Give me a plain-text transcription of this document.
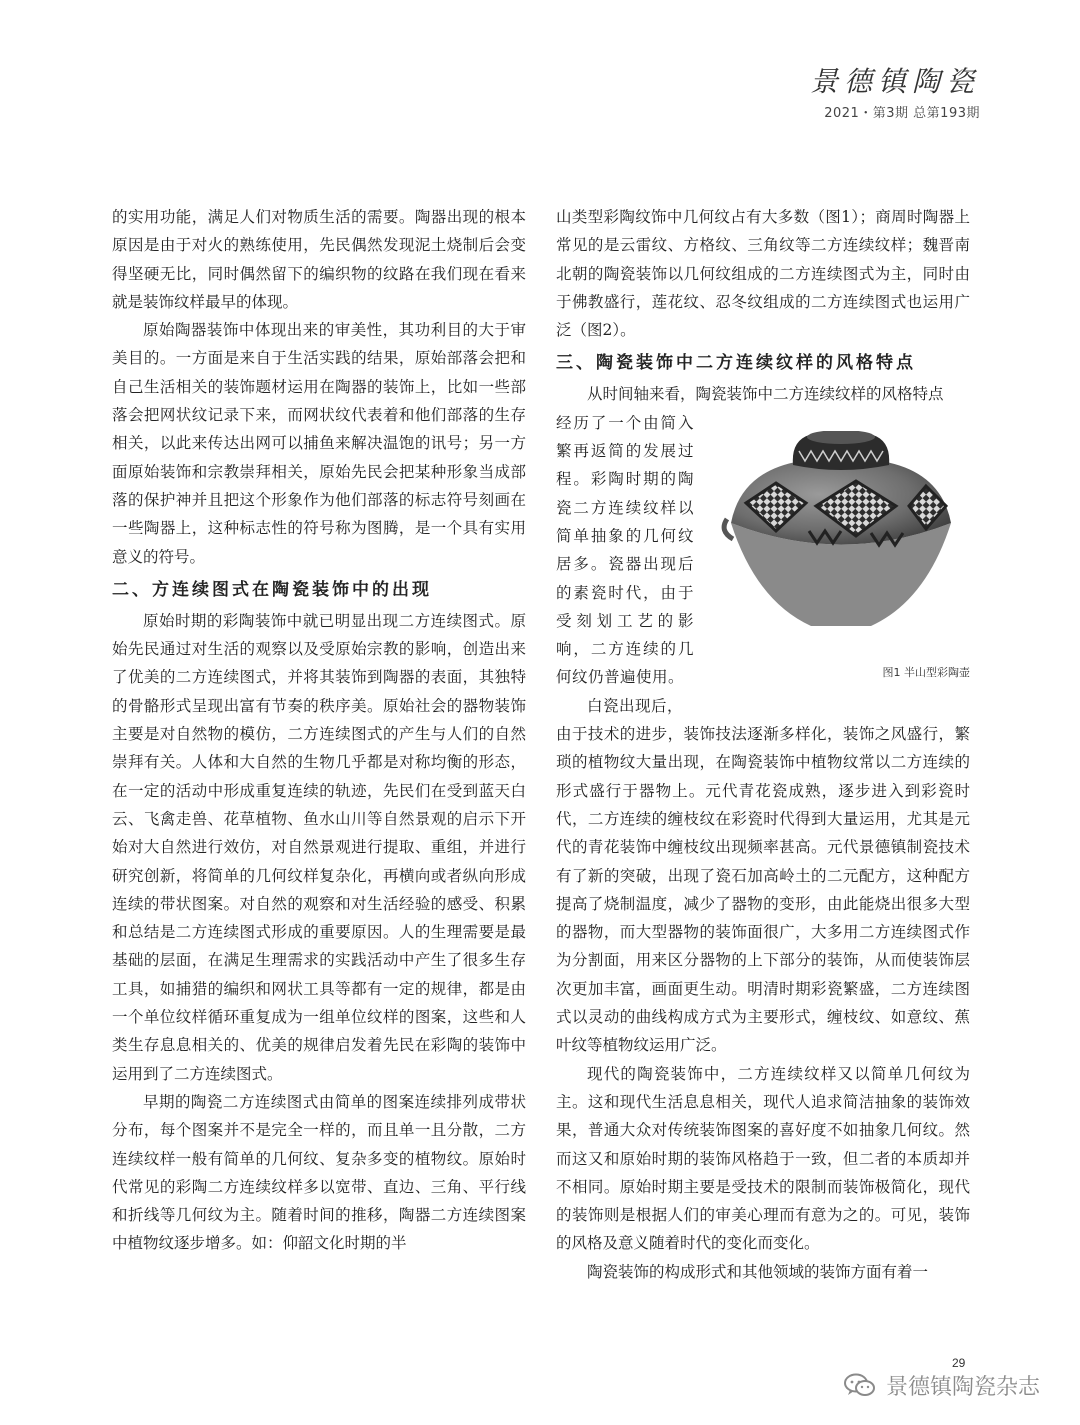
景德镇陶瓷
2021・第3期 总第193期

的实用功能，满足人们对物质生活的需要。陶器出现的根本原因是由于对火的熟练使用，先民偶然发现泥土烧制后会变得坚硬无比，同时偶然留下的编织物的纹路在我们现在看来就是装饰纹样最早的体现。

原始陶器装饰中体现出来的审美性，其功利目的大于审美目的。一方面是来自于生活实践的结果，原始部落会把和自己生活相关的装饰题材运用在陶器的装饰上，比如一些部落会把网状纹记录下来，而网状纹代表着和他们部落的生存相关，以此来传达出网可以捕鱼来解决温饱的讯号；另一方面原始装饰和宗教崇拜相关，原始先民会把某种形象当成部落的保护神并且把这个形象作为他们部落的标志符号刻画在一些陶器上，这种标志性的符号称为图腾，是一个具有实用意义的符号。

二、方连续图式在陶瓷装饰中的出现

原始时期的彩陶装饰中就已明显出现二方连续图式。原始先民通过对生活的观察以及受原始宗教的影响，创造出来了优美的二方连续图式，并将其装饰到陶器的表面，其独特的骨骼形式呈现出富有节奏的秩序美。原始社会的器物装饰主要是对自然物的模仿，二方连续图式的产生与人们的自然崇拜有关。人体和大自然的生物几乎都是对称均衡的形态，在一定的活动中形成重复连续的轨迹，先民们在受到蓝天白云、飞禽走兽、花草植物、鱼水山川等自然景观的启示下开始对大自然进行效仿，对自然景观进行提取、重组，并进行研究创新，将简单的几何纹样复杂化，再横向或者纵向形成连续的带状图案。对自然的观察和对生活经验的感受、积累和总结是二方连续图式形成的重要原因。人的生理需要是最基础的层面，在满足生理需求的实践活动中产生了很多生存工具，如捕猎的编织和网状工具等都有一定的规律，都是由一个单位纹样循环重复成为一组单位纹样的图案，这些和人类生存息息相关的、优美的规律启发着先民在彩陶的装饰中运用到了二方连续图式。

早期的陶瓷二方连续图式由简单的图案连续排列成带状分布，每个图案并不是完全一样的，而且单一且分散，二方连续纹样一般有简单的几何纹、复杂多变的植物纹。原始时代常见的彩陶二方连续纹样多以宽带、直边、三角、平行线和折线等几何纹为主。随着时间的推移，陶器二方连续图案中植物纹逐步增多。如：仰韶文化时期的半

山类型彩陶纹饰中几何纹占有大多数（图1）；商周时陶器上常见的是云雷纹、方格纹、三角纹等二方连续纹样；魏晋南北朝的陶瓷装饰以几何纹组成的二方连续图式为主，同时由于佛教盛行，莲花纹、忍冬纹组成的二方连续图式也运用广泛（图2）。

三、陶瓷装饰中二方连续纹样的风格特点

从时间轴来看，陶瓷装饰中二方连续纹样的风格特点

图1 半山型彩陶壶
经历了一个由简入繁再返简的发展过程。彩陶时期的陶瓷二方连续纹样以简单抽象的几何纹居多。瓷器出现后的素瓷时代，由于受刻划工艺的影响，二方连续的几何纹仍普遍使用。

白瓷出现后，

由于技术的进步，装饰技法逐渐多样化，装饰之风盛行，繁琐的植物纹大量出现，在陶瓷装饰中植物纹常以二方连续的形式盛行于器物上。元代青花瓷成熟，逐步进入到彩瓷时代，二方连续的缠枝纹在彩瓷时代得到大量运用，尤其是元代的青花装饰中缠枝纹出现频率甚高。元代景德镇制瓷技术有了新的突破，出现了瓷石加高岭土的二元配方，这种配方提高了烧制温度，减少了器物的变形，由此能烧出很多大型的器物，而大型器物的装饰面很广，大多用二方连续图式作为分割面，用来区分器物的上下部分的装饰，从而使装饰层次更加丰富，画面更生动。明清时期彩瓷繁盛，二方连续图式以灵动的曲线构成方式为主要形式，缠枝纹、如意纹、蕉叶纹等植物纹运用广泛。

现代的陶瓷装饰中，二方连续纹样又以简单几何纹为主。这和现代生活息息相关，现代人追求简洁抽象的装饰效果，普通大众对传统装饰图案的喜好度不如抽象几何纹。然而这又和原始时期的装饰风格趋于一致，但二者的本质却并不相同。原始时期主要是受技术的限制而装饰极简化，现代的装饰则是根据人们的审美心理而有意为之的。可见，装饰的风格及意义随着时代的变化而变化。

陶瓷装饰的构成形式和其他领域的装饰方面有着一

29
景德镇陶瓷杂志
